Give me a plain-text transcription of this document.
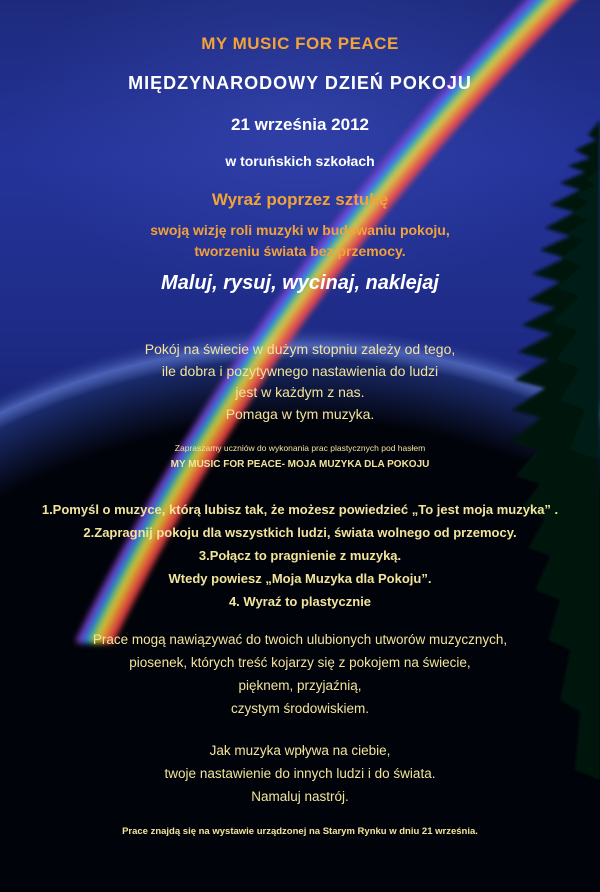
MY MUSIC FOR PEACE
MIĘDZYNARODOWY DZIEŃ POKOJU
21 września 2012
w toruńskich szkołach
Wyraź poprzez sztukę
swoją wizję roli muzyki w budowaniu pokoju,
tworzeniu świata bez przemocy.
Maluj, rysuj, wycinaj, naklejaj
Pokój na świecie w dużym stopniu zależy od tego,
ile dobra i pozytywnego nastawienia do ludzi
jest w każdym z nas.
Pomaga w tym muzyka.
Zapraszamy uczniów do wykonania prac plastycznych pod hasłem
MY MUSIC FOR PEACE- MOJA MUZYKA DLA POKOJU
1.Pomyśl o muzyce, którą lubisz tak, że możesz powiedzieć „To jest moja muzyka” .
2.Zapragnij pokoju dla wszystkich ludzi, świata wolnego od przemocy.
3.Połącz to pragnienie z muzyką.
Wtedy powiesz „Moja Muzyka dla Pokoju”.
4. Wyraź to plastycznie
Prace mogą nawiązywać do twoich ulubionych utworów muzycznych,
piosenek, których treść kojarzy się z pokojem na świecie,
pięknem, przyjaźnią,
czystym środowiskiem.
Jak muzyka wpływa na ciebie,
twoje nastawienie do innych ludzi i do świata.
Namaluj nastrój.
Prace znajdą się na wystawie urządzonej na Starym Rynku w dniu 21 września.
